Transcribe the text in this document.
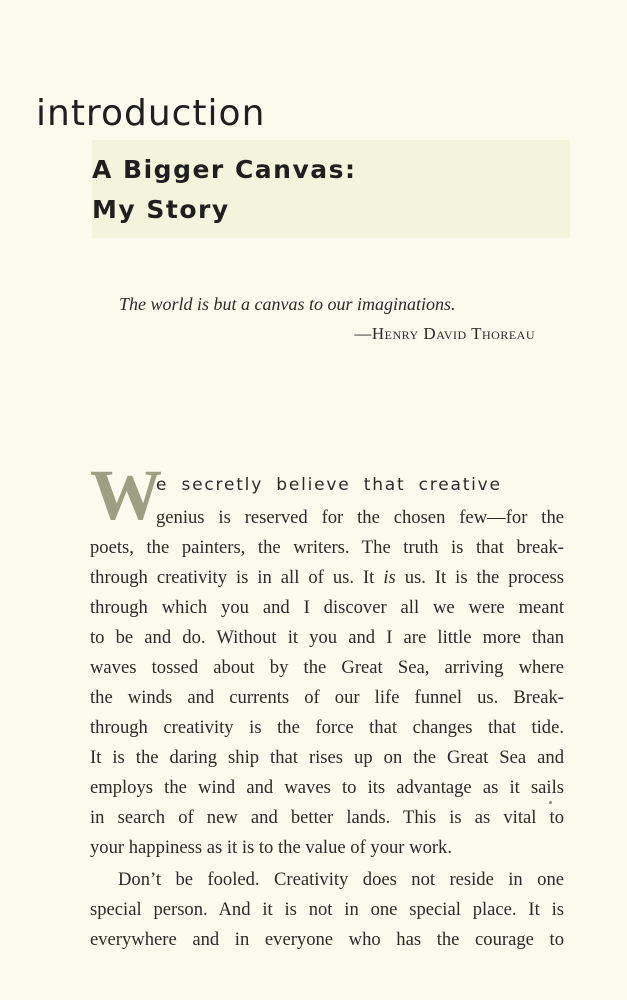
introduction
A Bigger Canvas:
My Story
The world is but a canvas to our imaginations.
—Henry David Thoreau
W
e secretly believe that creative
genius is reserved for the chosen few—for the
poets, the painters, the writers. The truth is that break-
through creativity is in all of us. It is us. It is the process
through which you and I discover all we were meant
to be and do. Without it you and I are little more than
waves tossed about by the Great Sea, arriving where
the winds and currents of our life funnel us. Break-
through creativity is the force that changes that tide.
It is the daring ship that rises up on the Great Sea and
employs the wind and waves to its advantage as it sails
in search of new and better lands. This is as vital to
your happiness as it is to the value of your work.
Don’t be fooled. Creativity does not reside in one
special person. And it is not in one special place. It is
everywhere and in everyone who has the courage to
